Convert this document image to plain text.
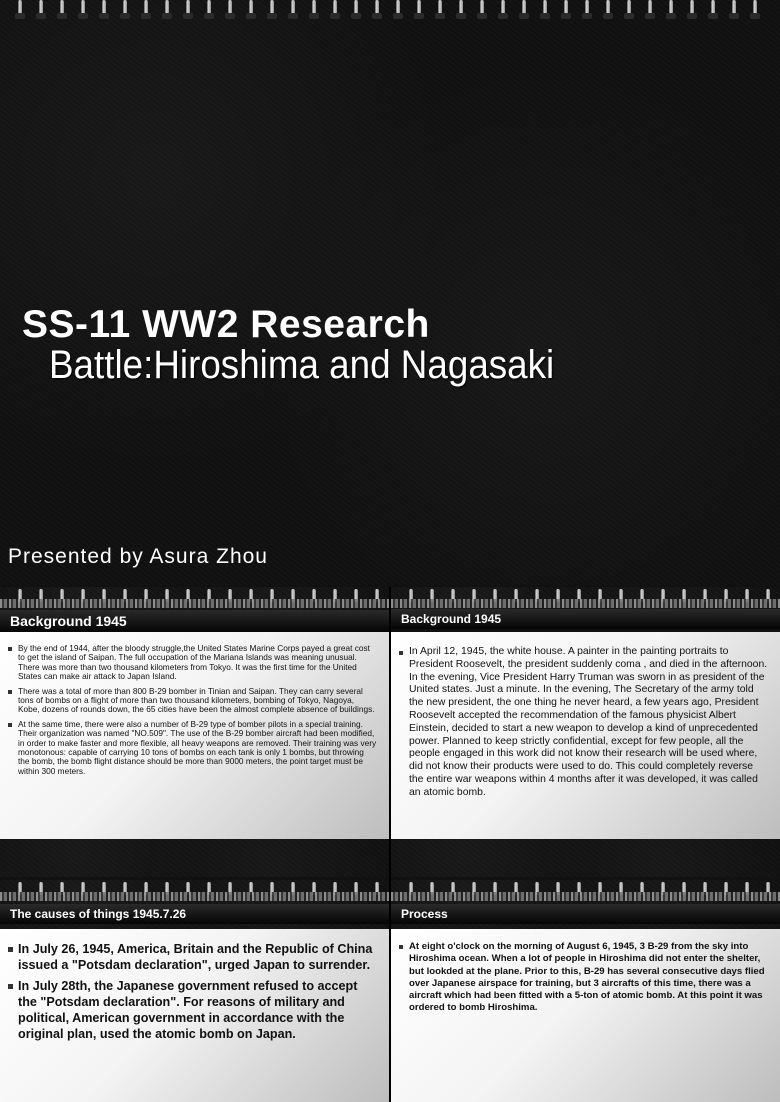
SS-11 WW2 Research
Battle:Hiroshima and Nagasaki
Presented by Asura Zhou
Background 1945
By the end of 1944, after the bloody struggle,the United States Marine Corps payed a great cost to get the island of Saipan. The full occupation of the Mariana Islands was meaning unusual. There was more than two thousand kilometers from Tokyo. It was the first time for the United States can make air attack to Japan Island.
There was a total of more than 800 B-29 bomber in Tinian and Saipan. They can carry several tons of bombs on a flight of more than two thousand kilometers, bombing of Tokyo, Nagoya, Kobe, dozens of rounds down, the 65 cities have been the almost complete absence of buildings.
At the same time, there were also a number of B-29 type of bomber pilots in a special training. Their organization was named "NO.509". The use of the B-29 bomber aircraft had been modified, in order to make faster and more flexible, all heavy weapons are removed. Their training was very monotonous: capable of carrying 10 tons of bombs on each tank is only 1 bombs, but throwing the bomb, the bomb flight distance should be more than 9000 meters, the point target must be within 300 meters.
Background 1945
In April 12, 1945, the white house. A painter in the painting portraits to President Roosevelt, the president suddenly coma , and died in the afternoon. In the evening, Vice President Harry Truman was sworn in as president of the United states. Just a minute. In the evening, The Secretary of the army told the new president, the one thing he never heard, a few years ago, President Roosevelt accepted the recommendation of the famous physicist Albert Einstein, decided to start a new weapon to develop a kind of unprecedented power. Planned to keep strictly confidential, except for few people, all the people engaged in this work did not know their research will be used where, did not know their products were used to do. This could completely reverse the entire war weapons within 4 months after it was developed, it was called an atomic bomb.
The causes of things 1945.7.26
In July 26, 1945, America, Britain and the Republic of China issued a "Potsdam declaration", urged Japan to surrender.
In July 28th, the Japanese government refused to accept the "Potsdam declaration". For reasons of military and political, American government in accordance with the original plan, used the atomic bomb on Japan.
Process
At eight o'clock on the morning of August 6, 1945, 3 B-29 from the sky into Hiroshima ocean. When a lot of people in Hiroshima did not enter the shelter, but lookded at the plane. Prior to this, B-29 has several consecutive days flied over Japanese airspace for training, but 3 aircrafts of this time, there was a aircraft which had been fitted with a 5-ton of atomic bomb. At this point it was ordered to bomb Hiroshima.
